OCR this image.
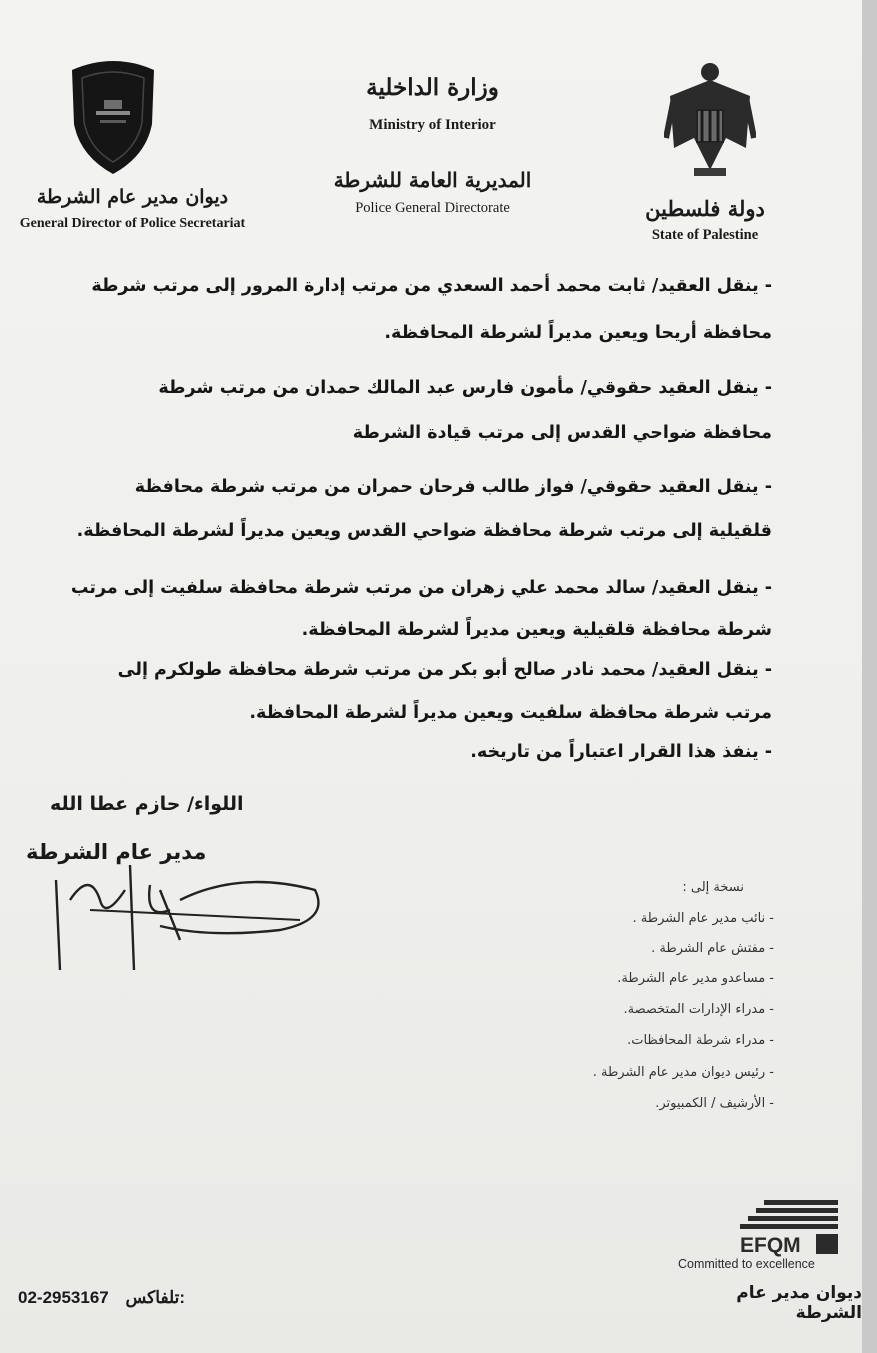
ديوان مدير عام الشرطة
General Director of Police Secretariat
وزارة الداخلية
Ministry of Interior
المديرية العامة للشرطة
Police General Directorate	دولة فلسطين
State of Palestine
- ينقل العقيد/ ثابت محمد أحمد السعدي من مرتب إدارة المرور إلى مرتب شرطة
محافظة أريحا ويعين مديراً لشرطة المحافظة.
- ينقل العقيد حقوقي/ مأمون فارس عبد المالك حمدان من مرتب شرطة
محافظة ضواحي القدس إلى مرتب قيادة الشرطة
- ينقل العقيد حقوقي/ فواز طالب فرحان حمران من مرتب شرطة محافظة
قلقيلية إلى مرتب شرطة محافظة ضواحي القدس ويعين مديراً لشرطة المحافظة.
- ينقل العقيد/ سالد محمد علي زهران من مرتب شرطة محافظة سلفيت إلى مرتب
شرطة محافظة قلقيلية ويعين مديراً لشرطة المحافظة.
- ينقل العقيد/ محمد نادر صالح أبو بكر من مرتب شرطة محافظة طولكرم إلى
مرتب شرطة محافظة سلفيت ويعين مديراً لشرطة المحافظة.
- ينفذ هذا القرار اعتباراً من تاريخه.
اللواء/ حازم عطا الله
مدير عام الشرطة
نسخة إلى :
- نائب مدير عام الشرطة .
- مفتش عام الشرطة .
- مساعدو مدير عام الشرطة.
- مدراء الإدارات المتخصصة.
- مدراء شرطة المحافظات.
- رئيس ديوان مدير عام الشرطة .
- الأرشيف / الكمبيوتر.
02-2953167 تلفاكس:
EFQM
Committed to excellence
ديوان مدير عام الشرطة
